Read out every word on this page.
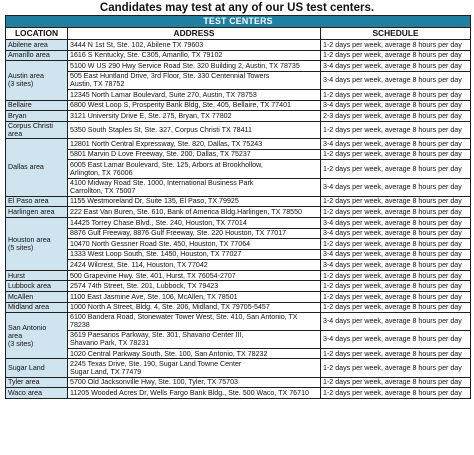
Candidates may test at any of our US test centers.
TEST CENTERS		
LOCATION	ADDRESS	SCHEDULE
Abilene area	3444 N 1st St, Ste. 102, Abilene TX 79603	1-2 days per week, average 8 hours per day
Amarillo area	1616 S Kentucky, Ste. C305, Amarillo, TX 79102	1-2 days per week, average 8 hours per day
Austin area
(3 sites)	5100 W US 290 Hwy Service Road Ste. 320 Building 2, Austin, TX 78735	3-4 days per week, average 8 hours per day
	505 East Huntland Drive, 3rd Floor, Ste. 330 Centennial Towers
Austin, TX 78752	3-4 days per week, average 8 hours per day
	12345 North Lamar Boulevard, Suite 270, Austin, TX 78753	1-2 days per week, average 8 hours per day
Bellaire	6800 West Loop S, Prosperity Bank Bldg, Ste. 405, Bellaire, TX 77401	3-4 days per week, average 8 hours per day
Bryan	3121 University Drive E, Ste. 275, Bryan, TX 77802	2-3 days per week, average 8 hours per day
Corpus Christi
area	5350 South Staples St, Ste. 327, Corpus Christi TX 78411	1-2 days per week, average 8 hours per day
Dallas area	12801 North Central Expressway, Ste. 820, Dallas, TX 75243	3-4 days per week, average 8 hours per day
	5801 Marvin D Love Freeway, Ste. 200, Dallas, TX 75237	1-2 days per week, average 8 hours per day
	6005 East Lamar Boulevard, Ste. 125, Arbors at Brookhollow,
Arlington, TX 76006	1-2 days per week, average 8 hours per day
	4100 Midway Road Ste. 1000, International Business Park
Carrollton, TX 75007	3-4 days per week, average 8 hours per day
El Paso area	1155 Westmoreland Dr, Suite 135, El Paso, TX 79925	1-2 days per week, average 8 hours per day
Harlingen area	222 East Van Buren, Ste. 610, Bank of America Bldg.Harlingen, TX 78550	1-2 days per week, average 8 hours per day
Houston area
(5 sites)	14425 Torrey Chase Blvd., Ste. 240, Houston, TX 77014	3-4 days per week, average 8 hours per day
	8876 Gulf Freeway, 8876 Gulf Freeway, Ste. 220 Houston, TX 77017	3-4 days per week, average 8 hours per day
	10470 North Gessner Road Ste. 450, Houston, TX 77064	1-2 days per week, average 8 hours per day
	1333 West Loop South, Ste. 1450, Houston, TX 77027	3-4 days per week, average 8 hours per day
	2424 Wilcrest, Ste. 114, Houston, TX 77042	3-4 days per week, average 8 hours per day
Hurst	500 Grapevine Hwy. Ste. 401, Hurst, TX 76054-2707	1-2 days per week, average 8 hours per day
Lubbock area	2574 74th Street, Ste. 201, Lubbock, TX 79423	1-2 days per week, average 8 hours per day
McAllen	1100 East Jasmine Ave, Ste. 106, McAllen, TX 78501	1-2 days per week, average 8 hours per day
Midland area	1000 North A Street, Bldg. 4, Ste. 206, Midland, TX 79705-5457	1-2 days per week, average 8 hours per day
San Antonio
area
(3 sites)	6100 Bandera Road, Stonewater Tower West, Ste. 410, San Antonio, TX 78238	3-4 days per week, average 8 hours per day
	3619 Paesanos Parkway, Ste. 301, Shavano Center III,
Shavano Park, TX 78231	3-4 days per week, average 8 hours per day
	1020 Central Parkway South, Ste. 100, San Antonio, TX 78232	1-2 days per week, average 8 hours per day
Sugar Land	2245 Texas Drive, Ste. 190, Sugar Land Towne Center
Sugar Land, TX 77479	1-2 days per week, average 8 hours per day
Tyler area	5700 Old Jacksonville Hwy, Ste. 100, Tyler, TX 75703	1-2 days per week, average 8 hours per day
Waco area	11205 Wooded Acres Dr, Wells Fargo Bank Bldg., Ste. 500 Waco, TX 76710	1-2 days per week, average 8 hours per day
